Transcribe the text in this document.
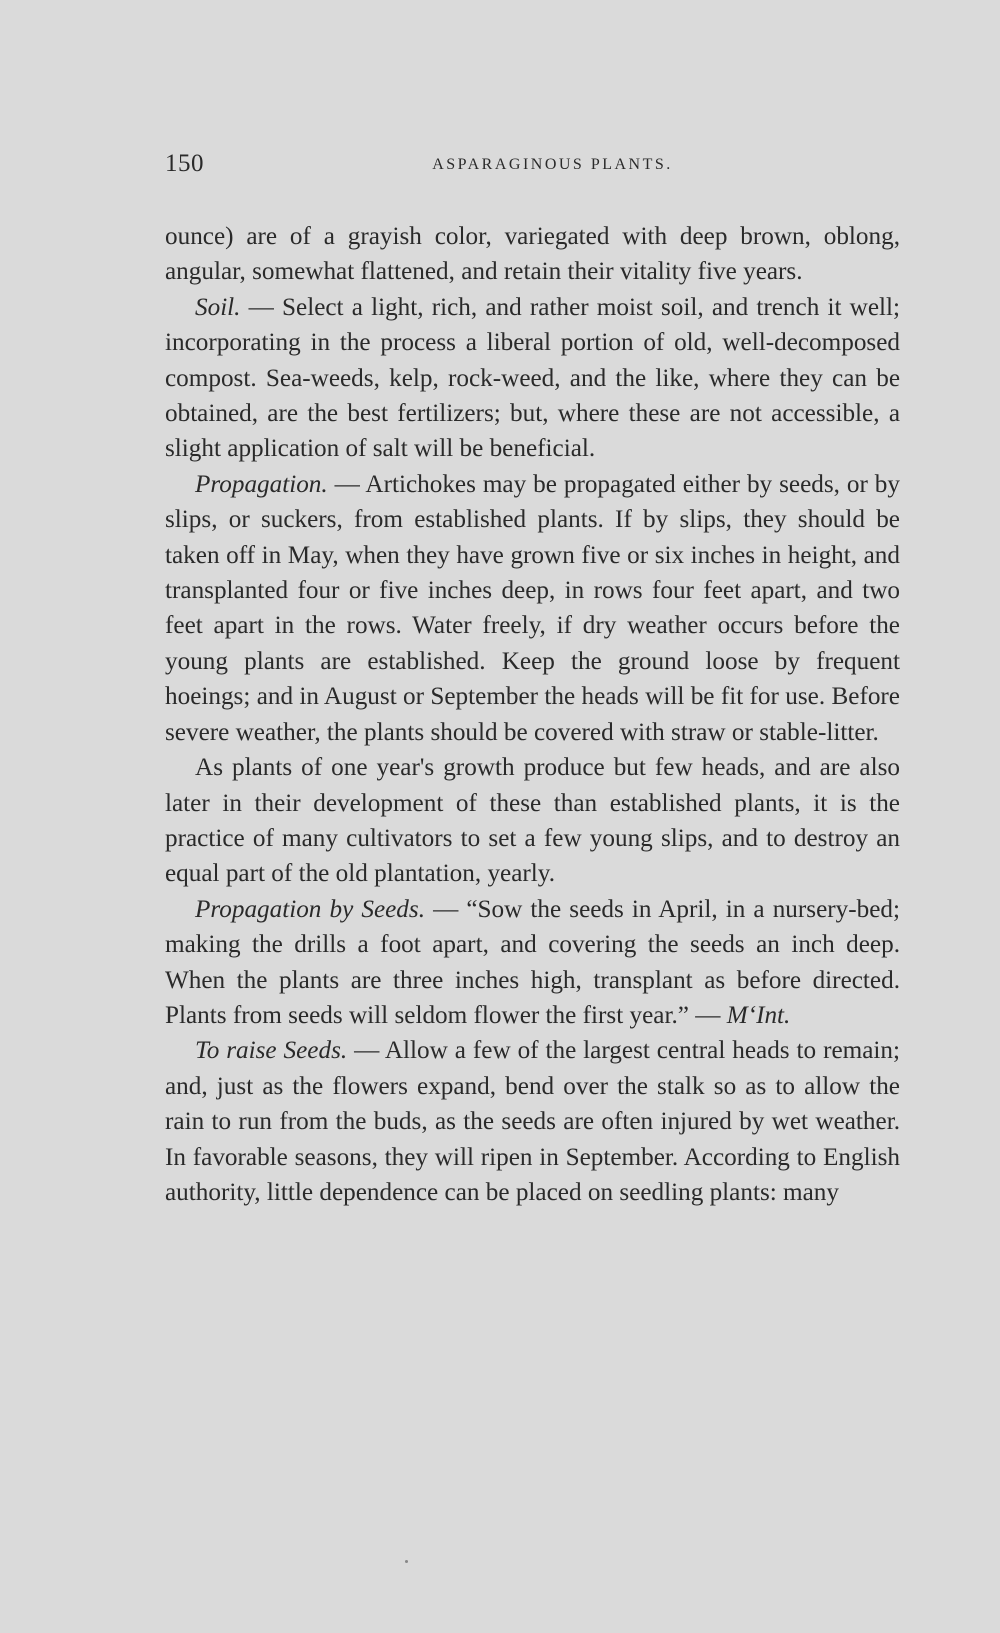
150	ASPARAGINOUS PLANTS.

ounce) are of a grayish color, variegated with deep brown, oblong, angular, somewhat flattened, and retain their vitality five years.

Soil. — Select a light, rich, and rather moist soil, and trench it well; incorporating in the process a liberal portion of old, well-decomposed compost. Sea-weeds, kelp, rock-weed, and the like, where they can be obtained, are the best fertilizers; but, where these are not accessible, a slight application of salt will be beneficial.

Propagation. — Artichokes may be propagated either by seeds, or by slips, or suckers, from established plants. If by slips, they should be taken off in May, when they have grown five or six inches in height, and transplanted four or five inches deep, in rows four feet apart, and two feet apart in the rows. Water freely, if dry weather occurs before the young plants are established. Keep the ground loose by frequent hoeings; and in August or September the heads will be fit for use. Before severe weather, the plants should be covered with straw or stable-litter.

As plants of one year's growth produce but few heads, and are also later in their development of these than established plants, it is the practice of many cultivators to set a few young slips, and to destroy an equal part of the old plantation, yearly.

Propagation by Seeds. — “Sow the seeds in April, in a nursery-bed; making the drills a foot apart, and covering the seeds an inch deep. When the plants are three inches high, transplant as before directed. Plants from seeds will seldom flower the first year.” — M‘Int.

To raise Seeds. — Allow a few of the largest central heads to remain; and, just as the flowers expand, bend over the stalk so as to allow the rain to run from the buds, as the seeds are often injured by wet weather. In favorable seasons, they will ripen in September. According to English authority, little dependence can be placed on seedling plants: many
